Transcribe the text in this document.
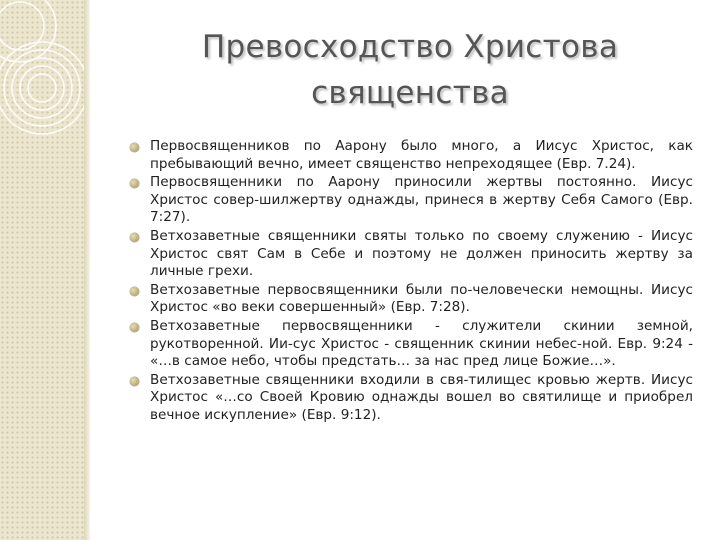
Превосходство Христова
священства
Первосвященников по Аарону было много, а Иисус Христос, как пребывающий вечно, имеет священство непреходящее (Евр. 7.24).
Первосвященники по Аарону приносили жертвы постоянно. Иисус Христос совер-шилжертву однажды, принеся в жертву Себя Самого (Евр. 7:27).
Ветхозаветные священники святы только по своему служению - Иисус Христос свят Сам в Себе и поэтому не должен приносить жертву за личные грехи.
Ветхозаветные первосвященники были по-человечески немощны. Иисус Христос «во веки совершенный» (Евр. 7:28).
Ветхозаветные первосвященники - служители скинии земной, рукотворенной. Ии-сус Христос - священник скинии небес-ной. Евр. 9:24 - «…в самое небо, чтобы предстать… за нас пред лице Божие…».
Ветхозаветные священники входили в свя-тилищес кровью жертв. Иисус Христос «…со Своей Кровию однажды вошел во святилище и приобрел вечное искупление» (Евр. 9:12).
